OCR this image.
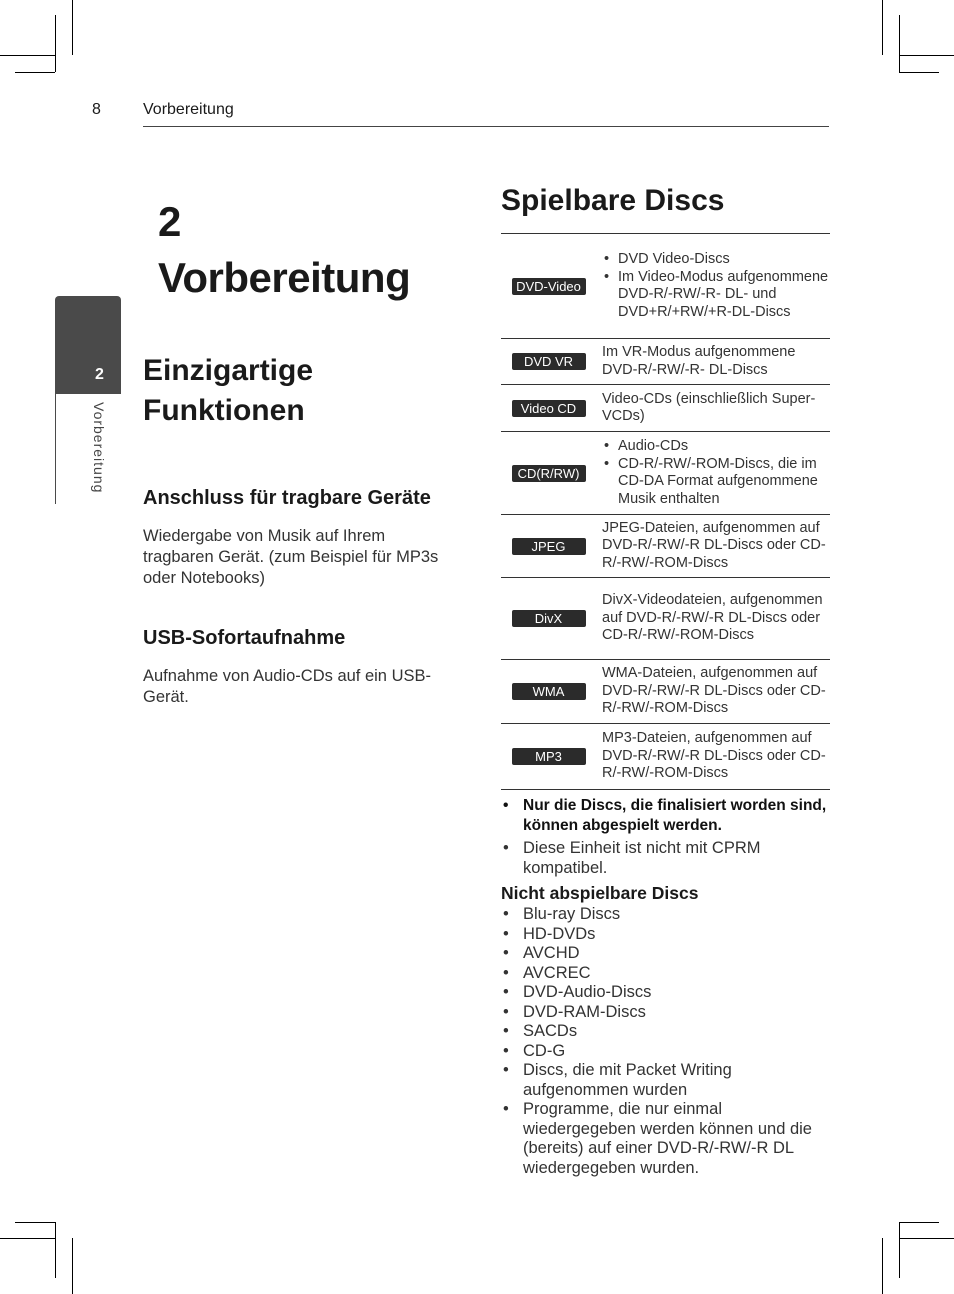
8	Vorbereitung
2
Vorbereitung
2
Vorbereitung
Einzigartige Funktionen
Anschluss für tragbare Geräte
Wiedergabe von Musik auf Ihrem tragbaren Gerät. (zum Beispiel für MP3s oder Notebooks)
USB-Sofortaufnahme
Aufnahme von Audio-CDs auf ein USB-Gerät.
Spielbare Discs
DVD-Video
• DVD Video-Discs
• Im Video-Modus aufgenommene DVD-R/-RW/-R- DL- und DVD+R/+RW/+R-DL-Discs
DVD VR
Im VR-Modus aufgenommene DVD-R/-RW/-R- DL-Discs
Video CD
Video-CDs (einschließlich Super-VCDs)
CD(R/RW)
• Audio-CDs
• CD-R/-RW/-ROM-Discs, die im CD-DA Format aufgenommene Musik enthalten
JPEG
JPEG-Dateien, aufgenommen auf DVD-R/-RW/-R DL-Discs oder CD-R/-RW/-ROM-Discs
DivX
DivX-Videodateien, aufgenommen auf DVD-R/-RW/-R DL-Discs oder CD-R/-RW/-ROM-Discs
WMA
WMA-Dateien, aufgenommen auf DVD-R/-RW/-R DL-Discs oder CD-R/-RW/-ROM-Discs
MP3
MP3-Dateien, aufgenommen auf DVD-R/-RW/-R DL-Discs oder CD-R/-RW/-ROM-Discs
• Nur die Discs, die finalisiert worden sind, können abgespielt werden.
• Diese Einheit ist nicht mit CPRM kompatibel.
Nicht abspielbare Discs
• Blu-ray Discs
• HD-DVDs
• AVCHD
• AVCREC
• DVD-Audio-Discs
• DVD-RAM-Discs
• SACDs
• CD-G
• Discs, die mit Packet Writing aufgenommen wurden
• Programme, die nur einmal wiedergegeben werden können und die (bereits) auf einer DVD-R/-RW/-R DL wiedergegeben wurden.
